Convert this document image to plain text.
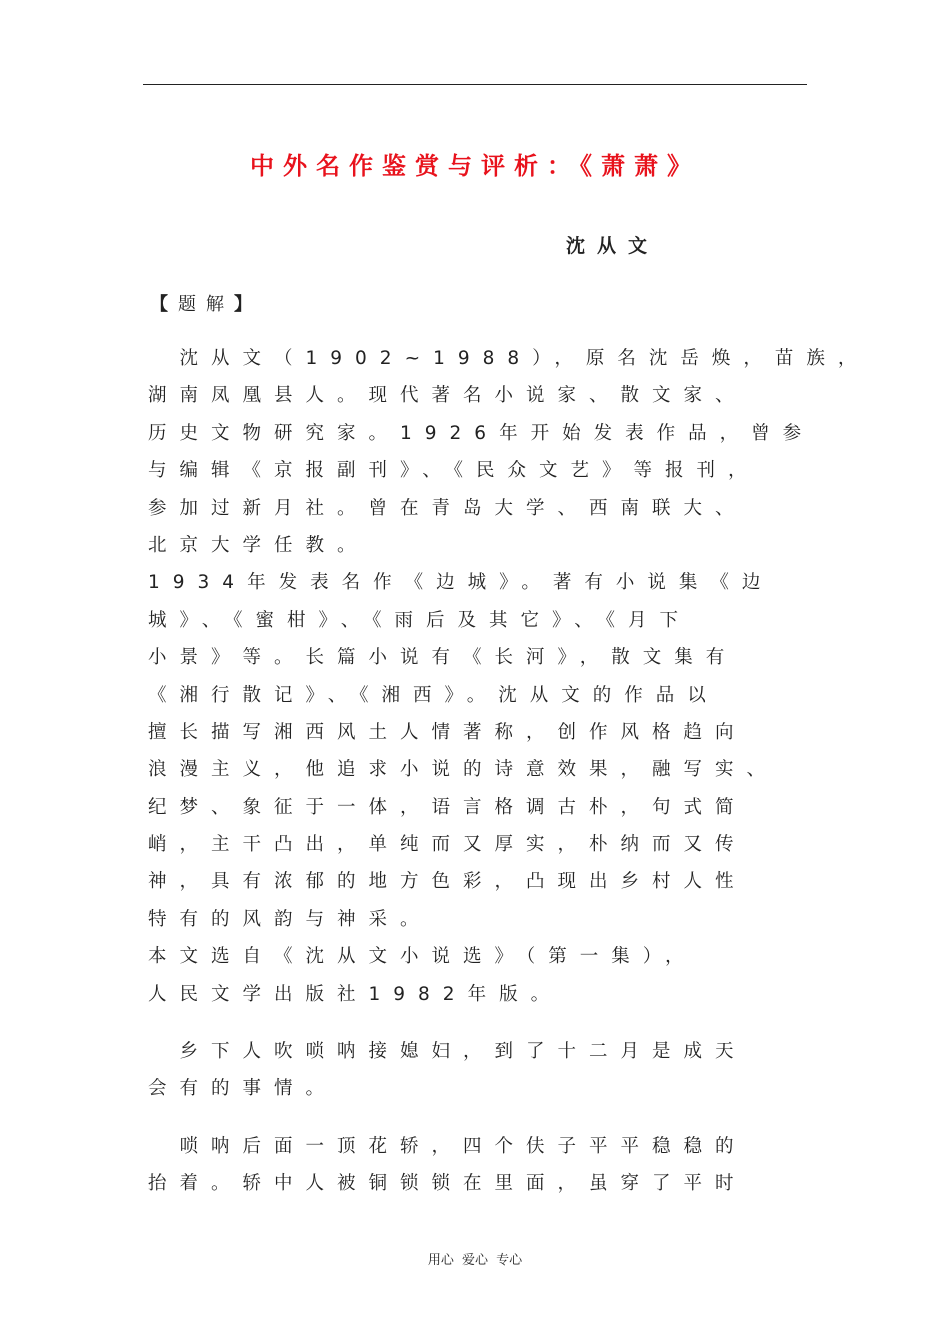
中外名作鉴赏与评析：《萧萧》
沈从文
【题解】
　沈从文（1902~1988），原名沈岳焕，苗族，
湖南凤凰县人。现代著名小说家、散文家、
历史文物研究家。1926年开始发表作品，曾参
与编辑《京报副刊》、《民众文艺》等报刊，
参加过新月社。曾在青岛大学、西南联大、
北京大学任教。
1934年发表名作《边城》。著有小说集《边
城》、《蜜柑》、《雨后及其它》、《月下
小景》等。长篇小说有《长河》，散文集有
《湘行散记》、《湘西》。沈从文的作品以
擅长描写湘西风土人情著称，创作风格趋向
浪漫主义，他追求小说的诗意效果，融写实、
纪梦、象征于一体，语言格调古朴，句式简
峭，主干凸出，单纯而又厚实，朴纳而又传
神，具有浓郁的地方色彩，凸现出乡村人性
特有的风韵与神采。
本文选自《沈从文小说选》（第一集），
人民文学出版社1982年版。
　乡下人吹唢呐接媳妇，到了十二月是成天
会有的事情。
　唢呐后面一顶花轿，四个伕子平平稳稳的
抬着。轿中人被铜锁锁在里面，虽穿了平时
用心 爱心 专心
